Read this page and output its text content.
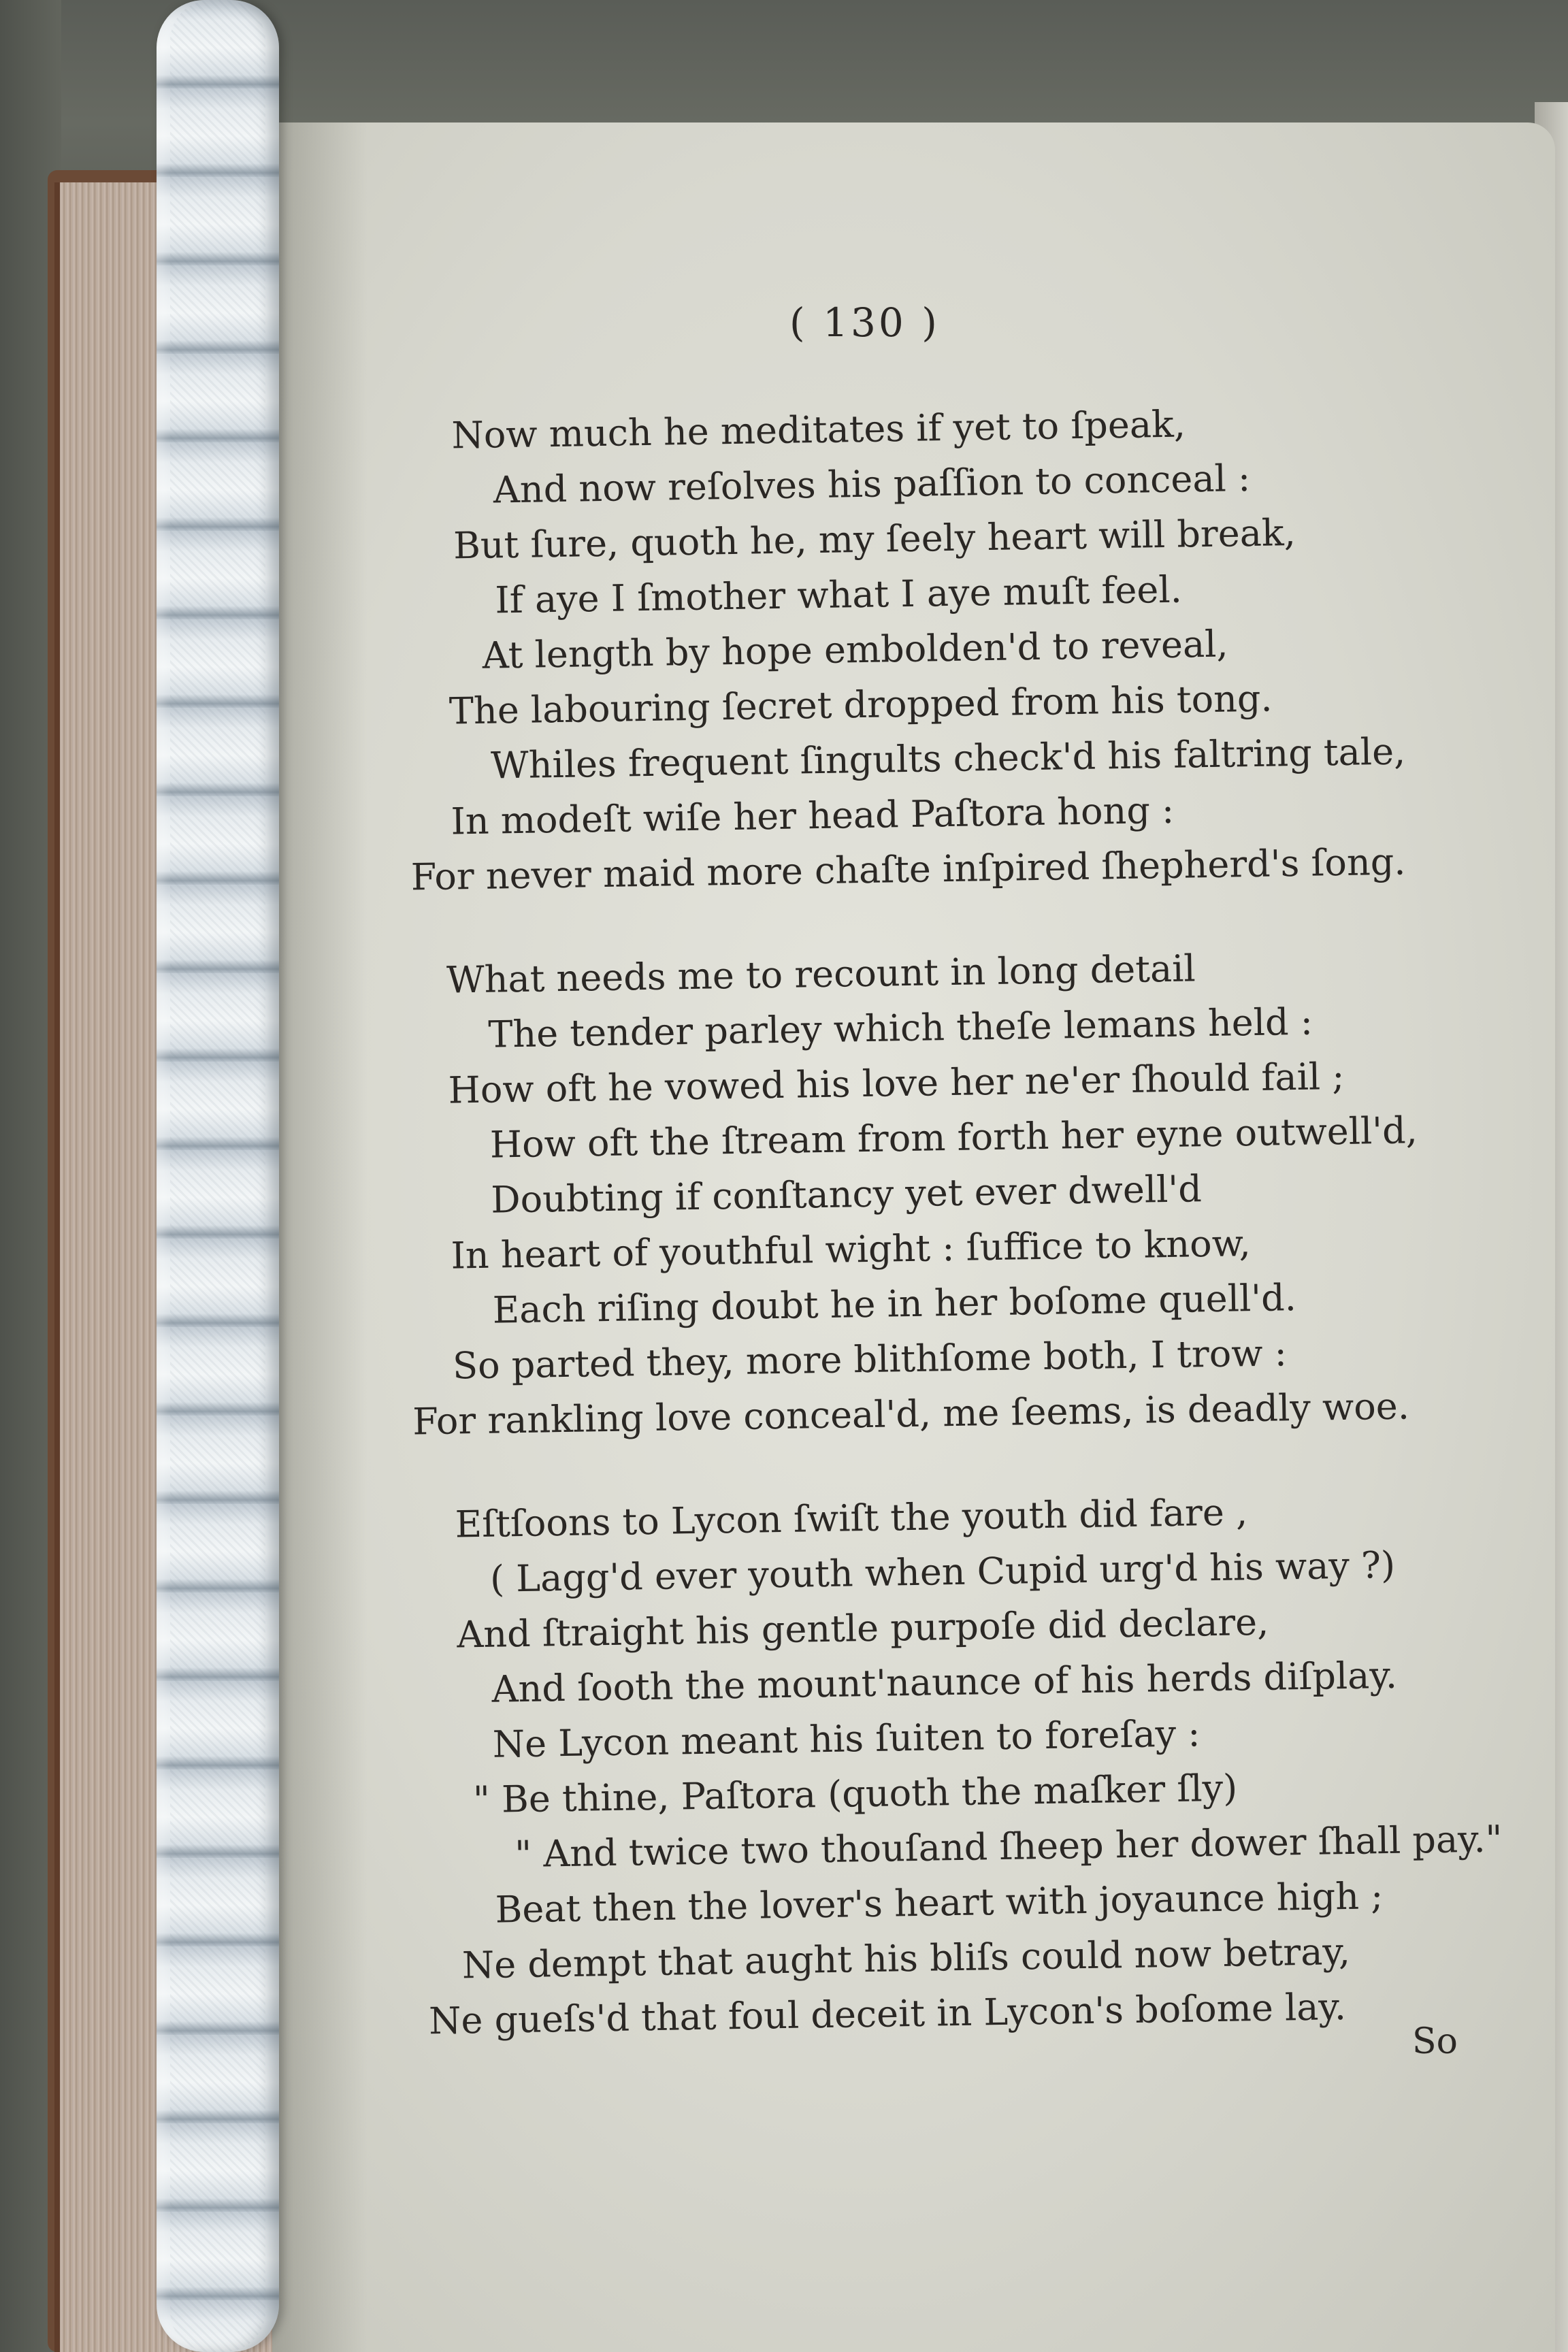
( 130 )
Now much he meditates if yet to ſpeak,
And now reſolves his paſſion to conceal :
But ſure, quoth he, my ſeely heart will break,
If aye I ſmother what I aye muſt feel.
At length by hope embolden'd to reveal,
The labouring ſecret dropped from his tong.
Whiles frequent ſingults check'd his faltring tale,
In modeſt wiſe her head Paſtora hong :
For never maid more chaſte inſpired ſhepherd's ſong.
What needs me to recount in long detail
The tender parley which theſe lemans held :
How oft he vowed his love her ne'er ſhould fail ;
How oft the ſtream from forth her eyne outwell'd,
Doubting if conſtancy yet ever dwell'd
In heart of youthful wight : ſuffice to know,
Each riſing doubt he in her boſome quell'd.
So parted they, more blithſome both, I trow :
For rankling love conceal'd, me ſeems, is deadly woe.
Eſtſoons to Lycon ſwiſt the youth did fare ,
( Lagg'd ever youth when Cupid urg'd his way ?)
And ſtraight his gentle purpoſe did declare,
And ſooth the mount'naunce of his herds diſplay.
Ne Lycon meant his ſuiten to foreſay :
" Be thine, Paſtora (quoth the maſker ſly)
" And twice two thouſand ſheep her dower ſhall pay."
Beat then the lover's heart with joyaunce high ;
Ne dempt that aught his bliſs could now betray,
Ne gueſs'd that foul deceit in Lycon's boſome lay. So
